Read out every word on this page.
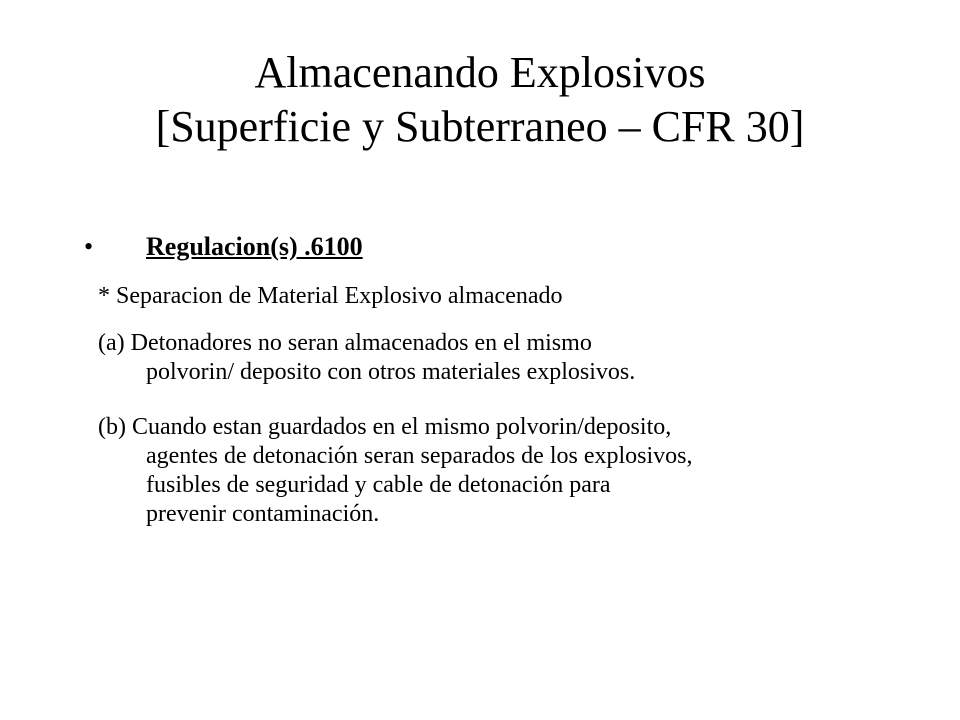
Almacenando Explosivos
[Superficie y Subterraneo – CFR 30]
• Regulacion(s) .6100
* Separacion de Material Explosivo almacenado
(a) Detonadores no seran almacenados en el mismo
polvorin/ deposito con otros materiales explosivos.
(b) Cuando estan guardados en el mismo polvorin/deposito,
agentes de detonación seran separados de los explosivos,
fusibles de seguridad y cable de detonación para
prevenir contaminación.
